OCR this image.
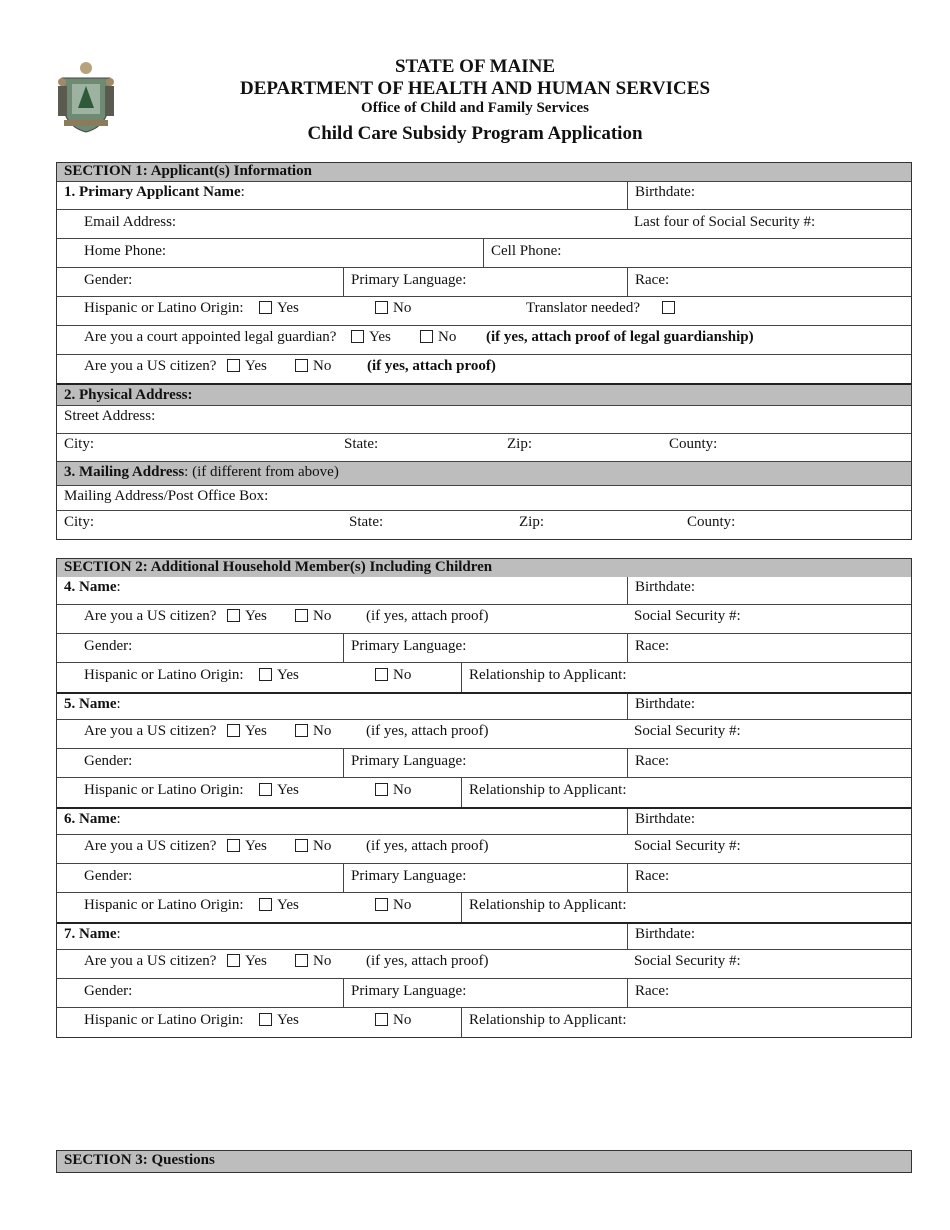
STATE OF MAINE
DEPARTMENT OF HEALTH AND HUMAN SERVICES
Office of Child and Family Services
Child Care Subsidy Program Application
SECTION 1: Applicant(s) Information
1. Primary Applicant Name:	Birthdate:
Email Address:	Last four of Social Security #:
Home Phone:	Cell Phone:
Gender:	Primary Language:	Race:
Hispanic or Latino Origin:	Yes	No	Translator needed?
Are you a court appointed legal guardian?	Yes	No (if yes, attach proof of legal guardianship)
Are you a US citizen?	Yes	No (if yes, attach proof)
2. Physical Address:
Street Address:
City:	State:	Zip:	County:
3. Mailing Address: (if different from above)
Mailing Address/Post Office Box:
City:	State:	Zip:	County:
SECTION 2: Additional Household Member(s) Including Children
4. Name:	Birthdate:
Are you a US citizen?	Yes	No (if yes, attach proof)	Social Security #:
Gender:	Primary Language:	Race:
Hispanic or Latino Origin:	Yes	No	Relationship to Applicant:
5. Name:	Birthdate:
Are you a US citizen?	Yes	No (if yes, attach proof)	Social Security #:
Gender:	Primary Language:	Race:
Hispanic or Latino Origin:	Yes	No	Relationship to Applicant:
6. Name:	Birthdate:
Are you a US citizen?	Yes	No (if yes, attach proof)	Social Security #:
Gender:	Primary Language:	Race:
Hispanic or Latino Origin:	Yes	No	Relationship to Applicant:
7. Name:	Birthdate:
Are you a US citizen?	Yes	No (if yes, attach proof)	Social Security #:
Gender:	Primary Language:	Race:
Hispanic or Latino Origin:	Yes	No	Relationship to Applicant:
SECTION 3: Questions
